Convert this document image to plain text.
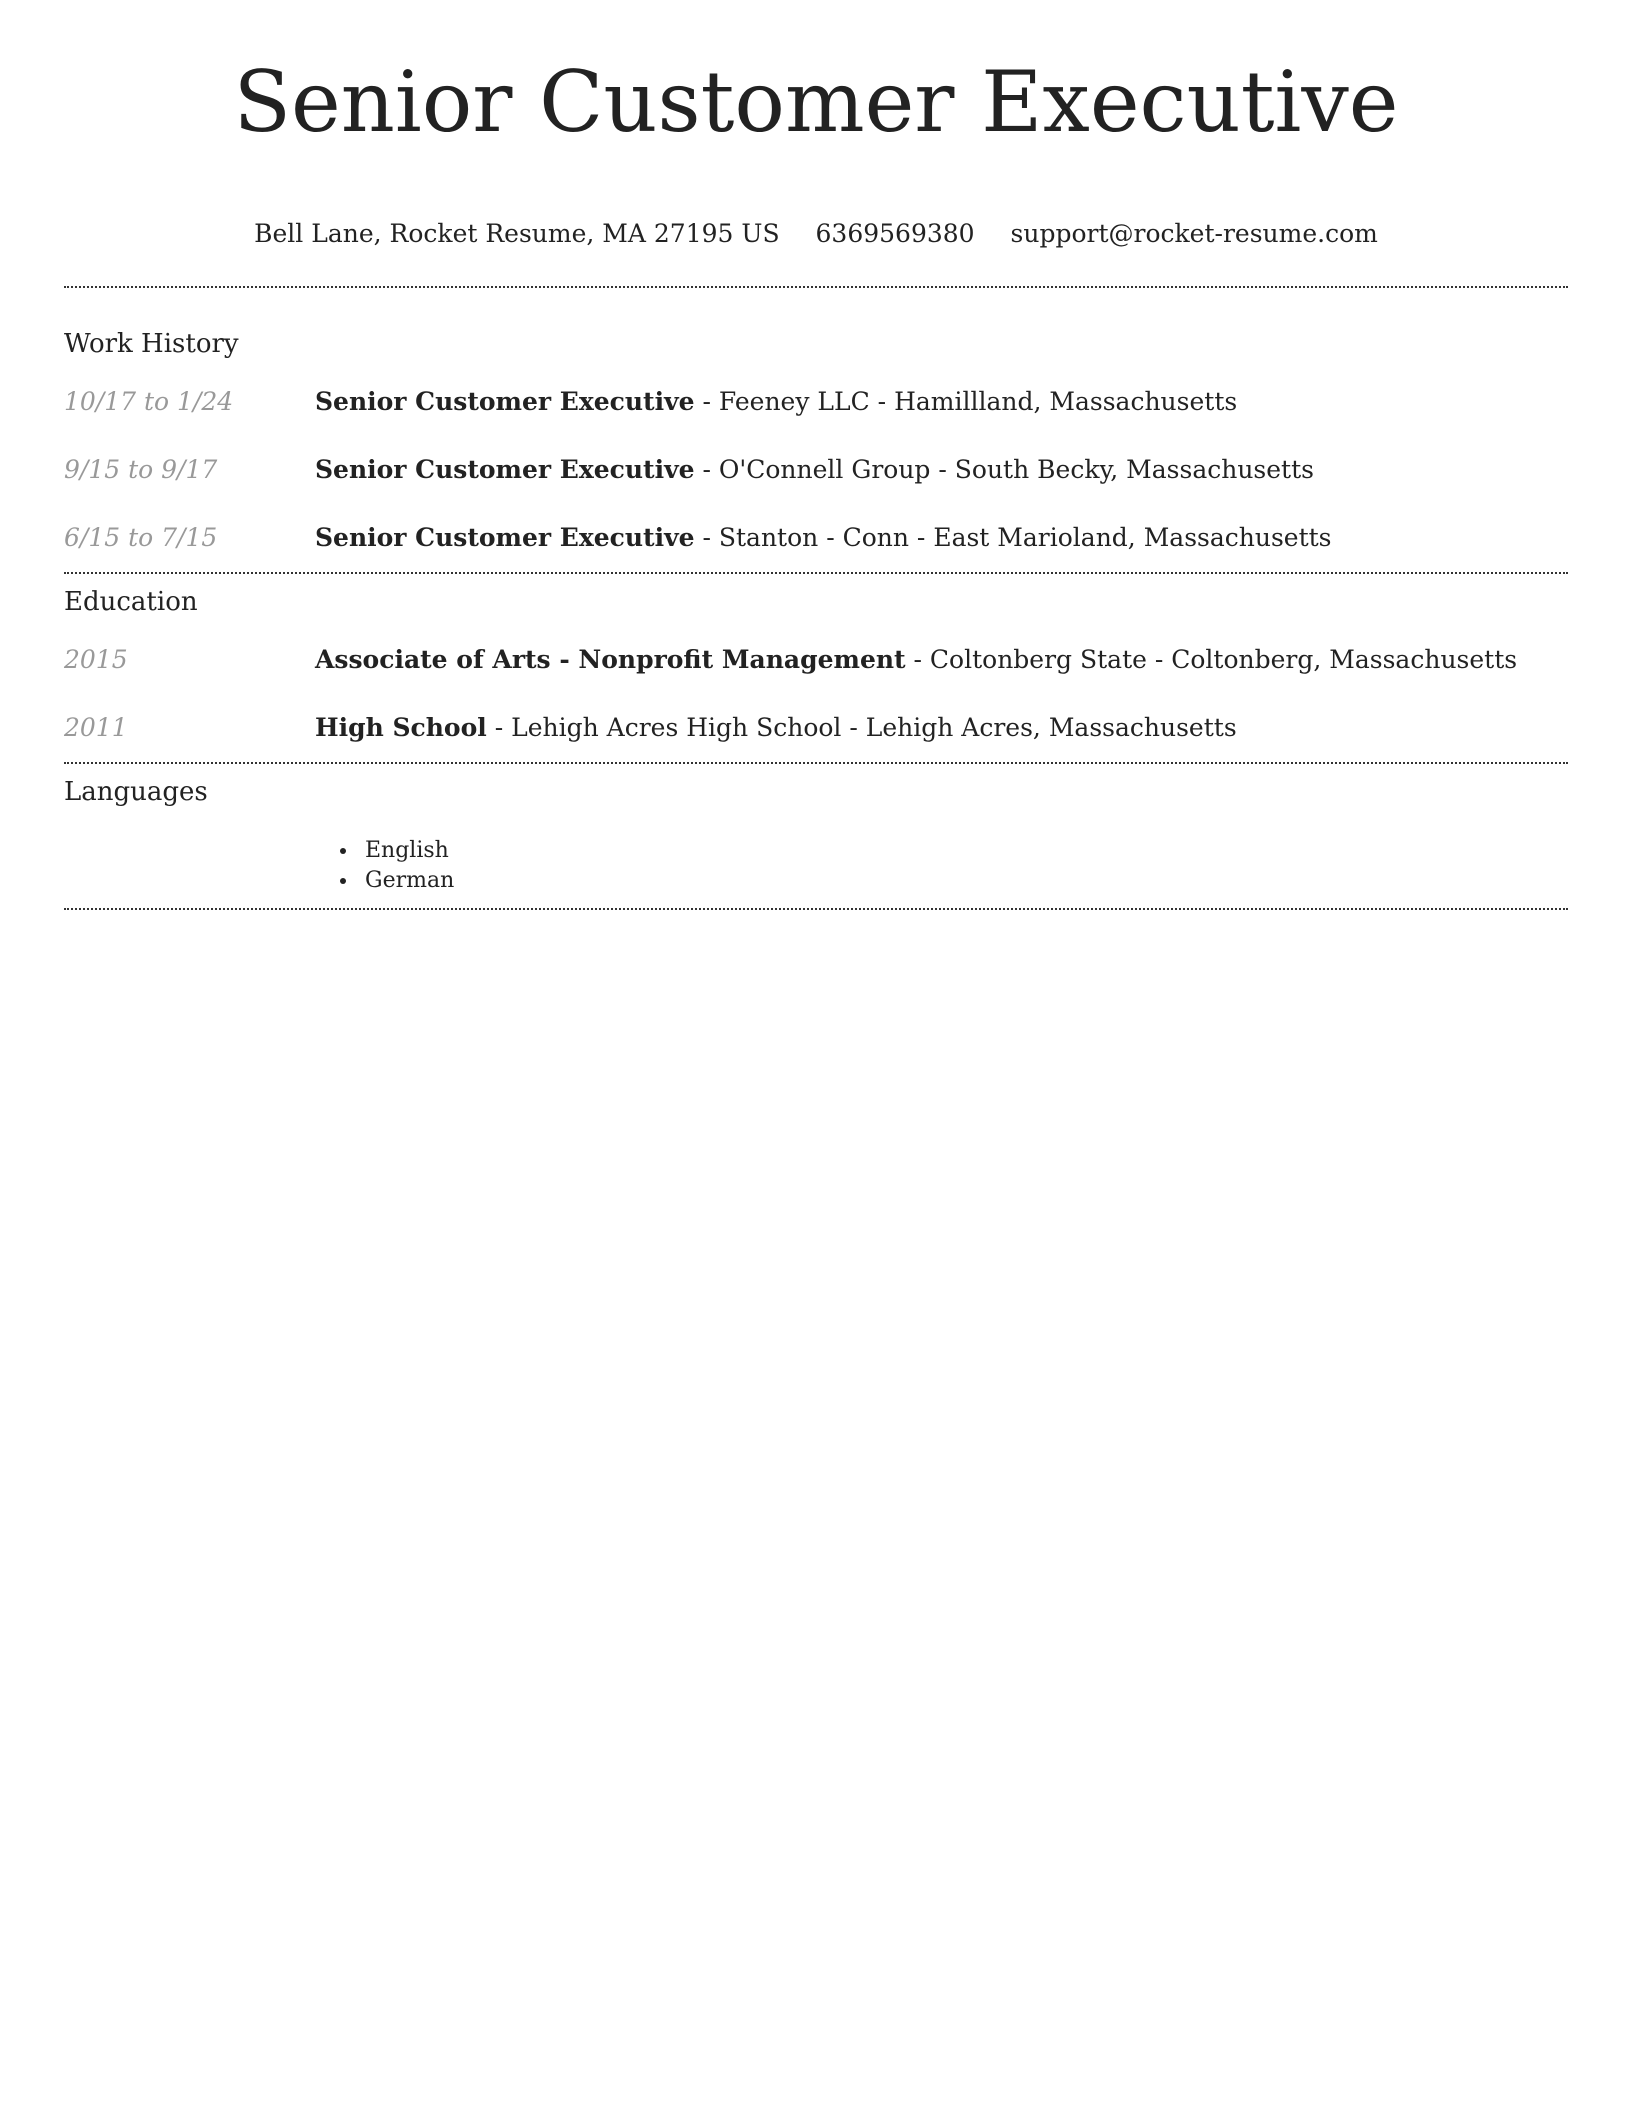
Senior Customer Executive
Bell Lane, Rocket Resume, MA 27195 US 6369569380 support@rocket-resume.com
Work History
10/17 to 1/24	Senior Customer Executive - Feeney LLC - Hamillland, Massachusetts
9/15 to 9/17	Senior Customer Executive - O'Connell Group - South Becky, Massachusetts
6/15 to 7/15	Senior Customer Executive - Stanton - Conn - East Marioland, Massachusetts
Education
2015	Associate of Arts - Nonprofit Management - Coltonberg State - Coltonberg, Massachusetts
2011	High School - Lehigh Acres High School - Lehigh Acres, Massachusetts
Languages
• English
• German
